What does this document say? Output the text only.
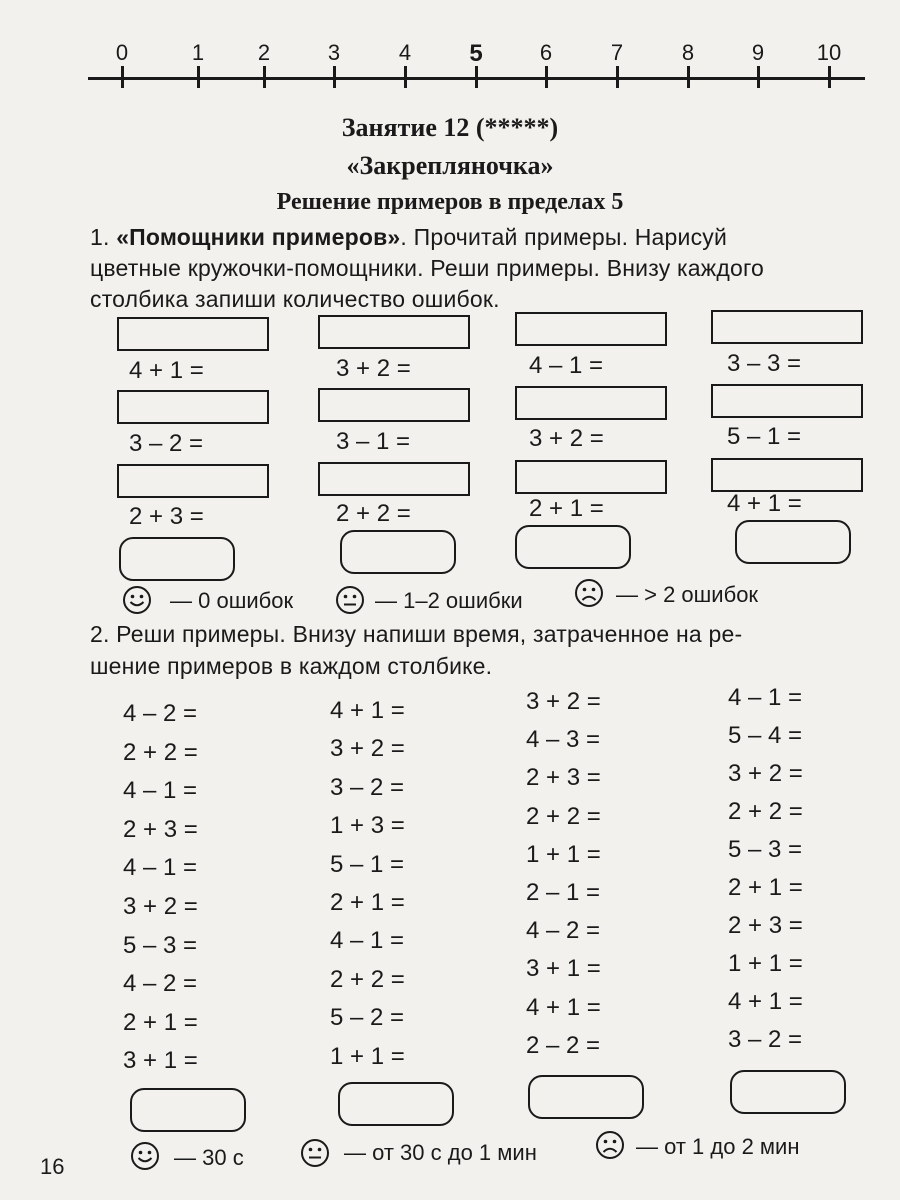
0	1	2	3	4	5	6	7	8	9	10
Занятие 12 (*****)
«Закрепляночка»
Решение примеров в пределах 5
1. «Помощники примеров». Прочитай примеры. Нарисуй
цветные кружочки-помощники. Реши примеры. Внизу каждого
столбика запиши количество ошибок.
4 + 1 =
3 – 2 =
2 + 3 =
3 + 2 =
3 – 1 =
2 + 2 =
4 – 1 =
3 + 2 =
2 + 1 =
3 – 3 =
5 – 1 =
4 + 1 =
— 0 ошибок	— 1–2 ошибки	— > 2 ошибок
2. Реши примеры. Внизу напиши время, затраченное на ре-
шение примеров в каждом столбике.
4 – 2 =
2 + 2 =
4 – 1 =
2 + 3 =
4 – 1 =
3 + 2 =
5 – 3 =
4 – 2 =
2 + 1 =
3 + 1 =
4 + 1 =
3 + 2 =
3 – 2 =
1 + 3 =
5 – 1 =
2 + 1 =
4 – 1 =
2 + 2 =
5 – 2 =
1 + 1 =
3 + 2 =
4 – 3 =
2 + 3 =
2 + 2 =
1 + 1 =
2 – 1 =
4 – 2 =
3 + 1 =
4 + 1 =
2 – 2 =
4 – 1 =
5 – 4 =
3 + 2 =
2 + 2 =
5 – 3 =
2 + 1 =
2 + 3 =
1 + 1 =
4 + 1 =
3 – 2 =
— 30 с	— от 30 с до 1 мин	— от 1 до 2 мин
16
